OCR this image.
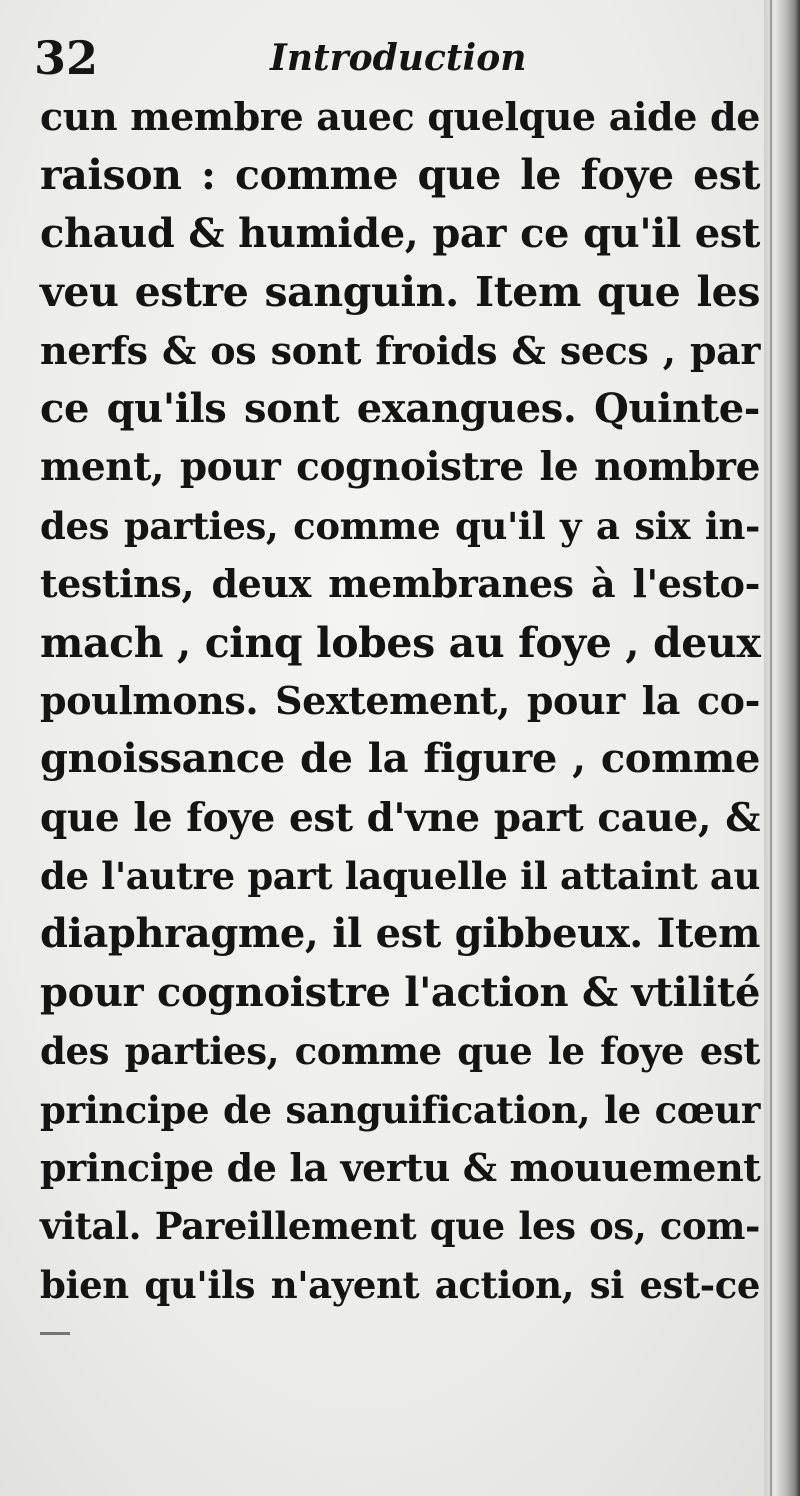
32	Introduction
cun membre auec quelque aide de
raison : comme que le foye est
chaud & humide, par ce qu'il est
veu estre sanguin. Item que les
nerfs & os sont froids & secs , par
ce qu'ils sont exangues. Quinte-
ment, pour cognoistre le nombre
des parties, comme qu'il y a six in-
testins, deux membranes à l'esto-
mach , cinq lobes au foye , deux
poulmons. Sextement, pour la co-
gnoissance de la figure , comme
que le foye est d'vne part caue, &
de l'autre part laquelle il attaint au
diaphragme, il est gibbeux. Item
pour cognoistre l'action & vtilité
des parties, comme que le foye est
principe de sanguification, le cœur
principe de la vertu & mouuement
vital. Pareillement que les os, com-
bien qu'ils n'ayent action, si est-ce
